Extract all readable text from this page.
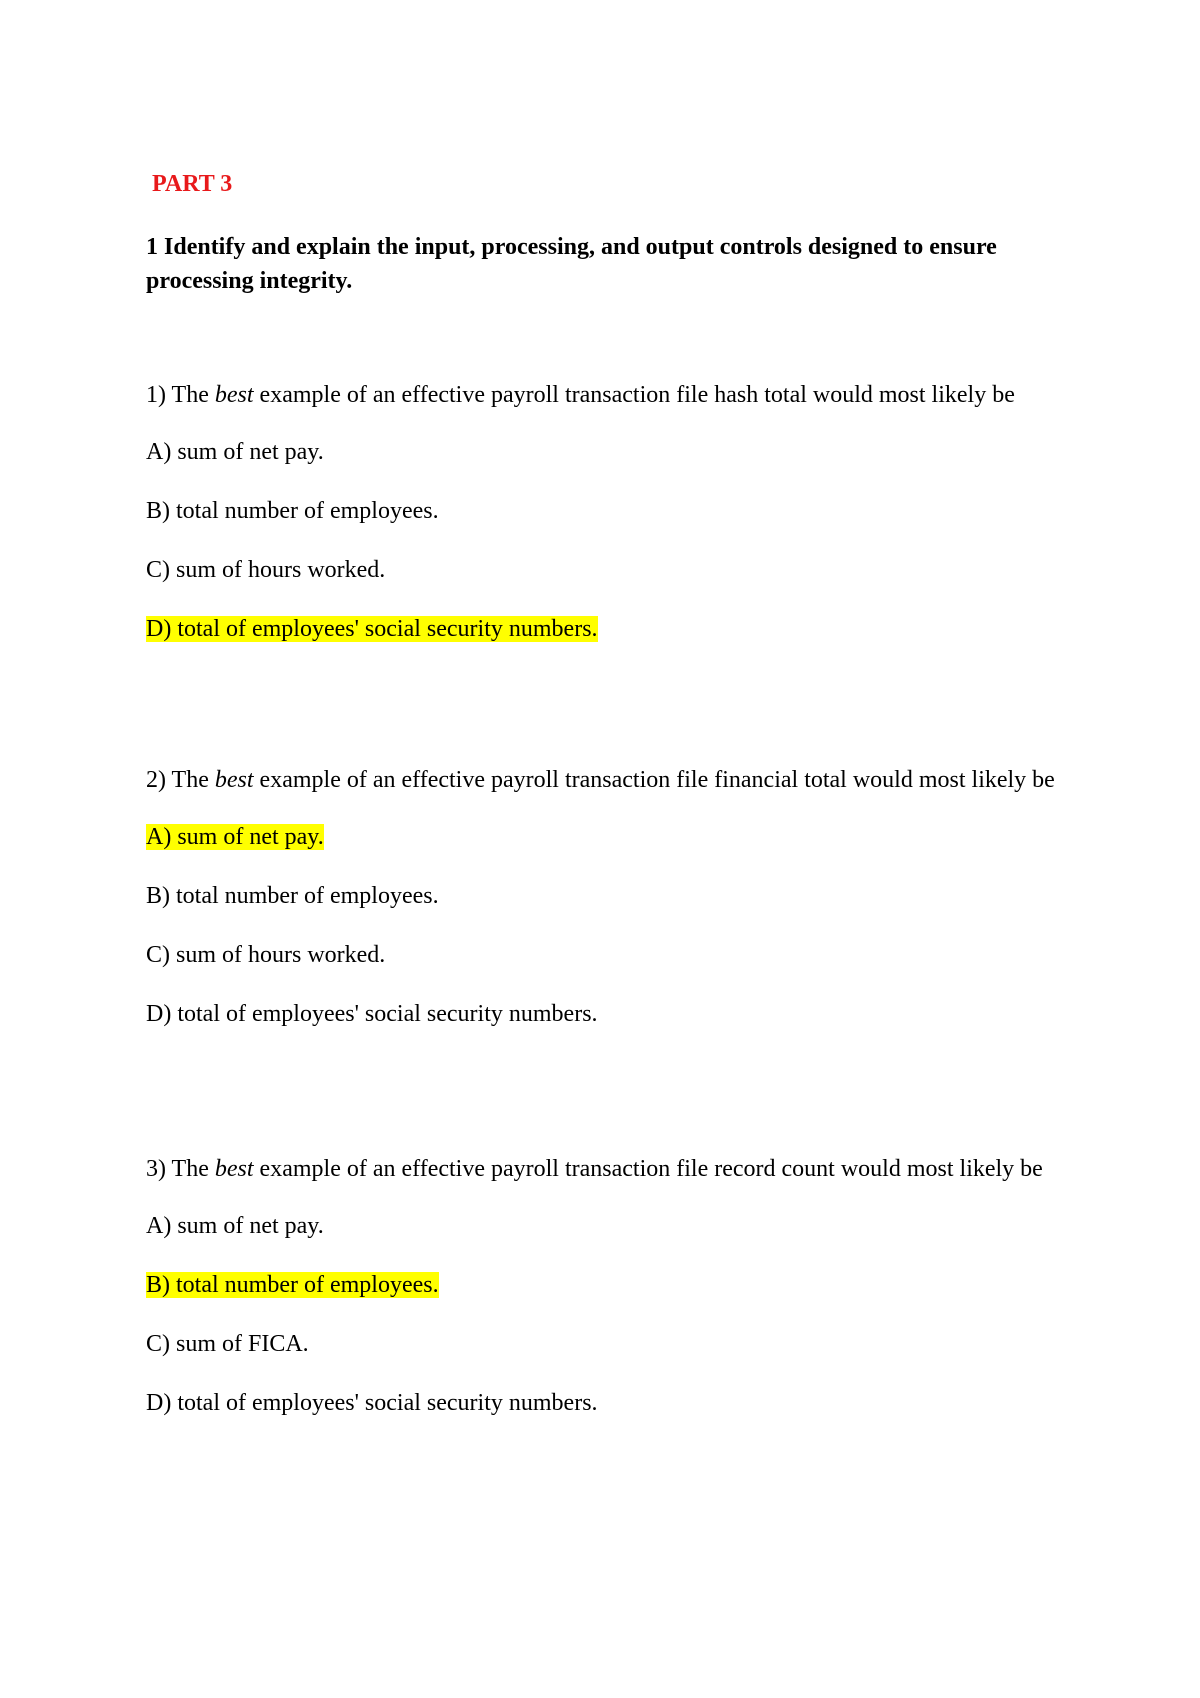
PART 3

1 Identify and explain the input, processing, and output controls designed to ensure processing integrity.

1) The best example of an effective payroll transaction file hash total would most likely be

A) sum of net pay.

B) total number of employees.

C) sum of hours worked.

D) total of employees' social security numbers.

2) The best example of an effective payroll transaction file financial total would most likely be

A) sum of net pay.

B) total number of employees.

C) sum of hours worked.

D) total of employees' social security numbers.

3) The best example of an effective payroll transaction file record count would most likely be

A) sum of net pay.

B) total number of employees.

C) sum of FICA.

D) total of employees' social security numbers.
